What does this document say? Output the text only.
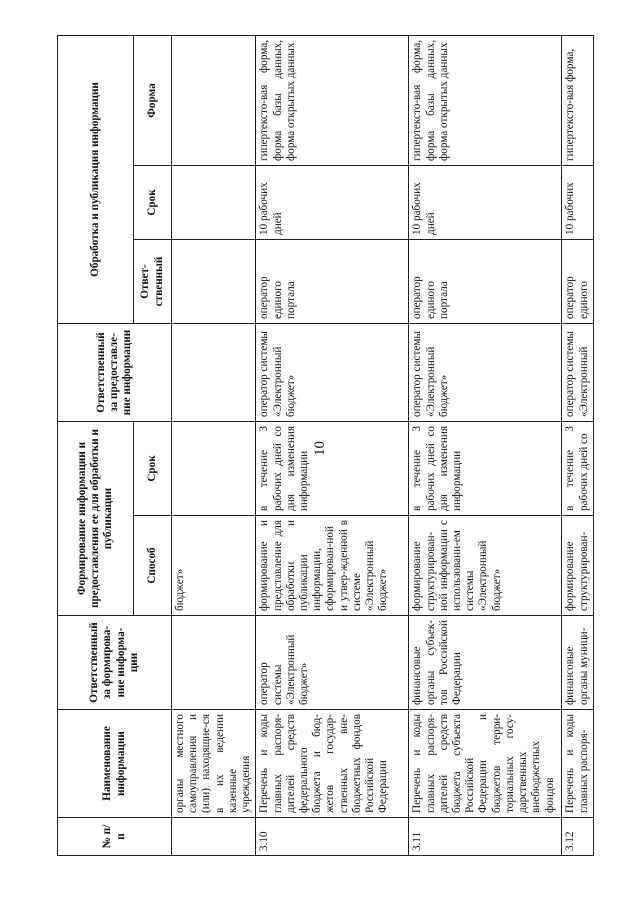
10
№ п/п	Наименование информации	Ответственный за формирова-ние информа-ции	Формирование информации и предоставления ее для обработки и публикации		Ответственный за предоставле-ние информации	Обработка и публикация информации		
			Способ	Срок		Ответ-ственный	Срок	Форма
	органы местного самоуправления и (или) находящие-ся в их ведении казенные учреждения		бюджет»					
3.10	Перечень и коды главных распоря-дителей средств федерального бюджета и бюд-жетов государ-ственных вне-бюджетных фондов Российской Федерации	оператор системы «Электронный бюджет»	формирование и представление для обработки и публикации информации, сформирован-ной и утвер-жденной в системе «Электронный бюджет»	в течение 3 рабочих дней со дня изменения информации	оператор системы «Электронный бюджет»	оператор единого портала	10 рабочих дней	гипертексто-вая форма, форма базы данных, форма открытых данных
3.11	Перечень и коды главных распоря-дителей средств бюджета субъекта Российской Федерации и бюджетов терри-ториальных госу-дарственных внебюджетных фондов	финансовые органы субъек-тов Российской Федерации	формирование структурирован-ной информации с использовани-ем системы «Электронный бюджет»	в течение 3 рабочих дней со дня изменения информации	оператор системы «Электронный бюджет»	оператор единого портала	10 рабочих дней	гипертексто-вая форма, форма базы данных, форма открытых данных
3.12	Перечень и коды главных распоря-	финансовые органы муници-	формирование структурирован-	в течение 3 рабочих дней со	оператор системы «Электронный	оператор единого	10 рабочих	гипертексто-вая форма,
